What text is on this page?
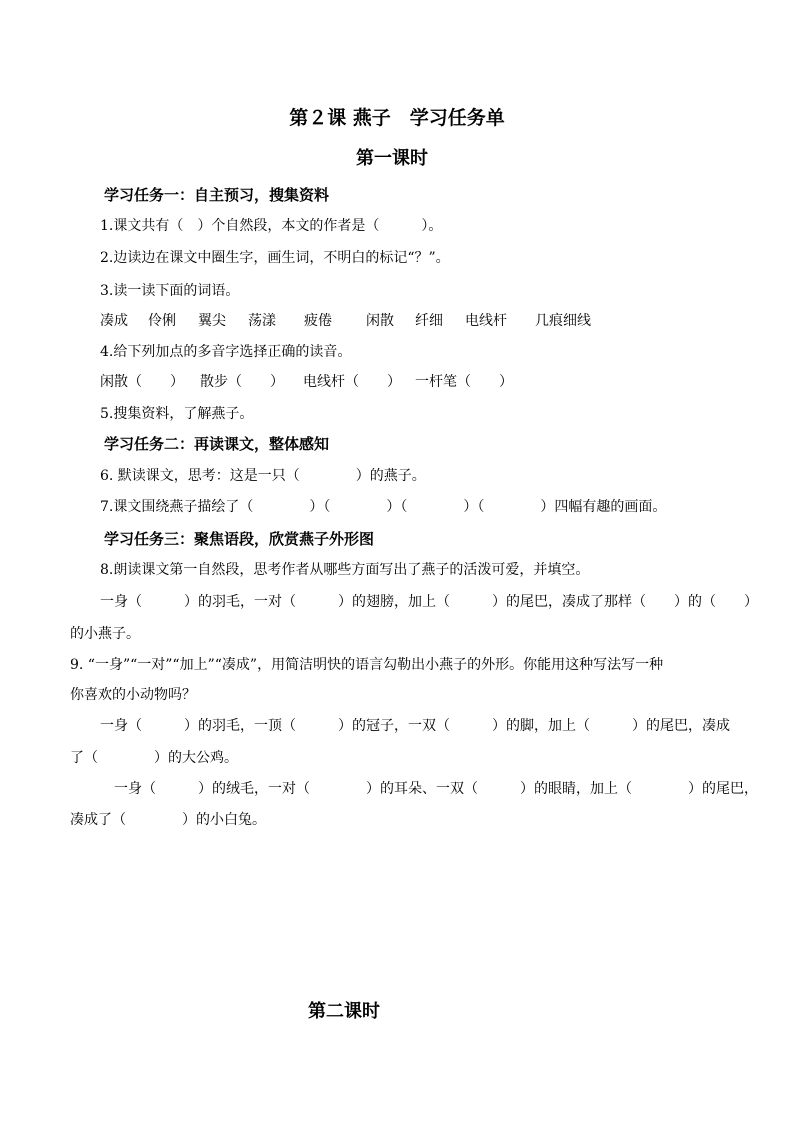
第２课 燕子　学习任务单
第一课时
学习任务一：自主预习，搜集资料
1.课文共有（　）个自然段，本文的作者是（　　　）。
2.边读边在课文中圈生字，画生词，不明白的标记“？”。
3.读一读下面的词语。
凑成 伶俐 翼尖 荡漾 疲倦 闲散 纤细 电线杆 几痕细线
4.给下列加点的多音字选择正确的读音。
闲散（　　） 散步（　　） 电线杆（　　） 一杆笔（　　）
5.搜集资料，了解燕子。
学习任务二：再读课文，整体感知
6. 默读课文，思考：这是一只（　　　　）的燕子。
7.课文围绕燕子描绘了（　　　　）（　　　　）（　　　　）（　　　　）四幅有趣的画面。
学习任务三：聚焦语段，欣赏燕子外形图
8.朗读课文第一自然段，思考作者从哪些方面写出了燕子的活泼可爱，并填空。
一身（　　　）的羽毛，一对（　　　）的翅膀，加上（　　　）的尾巴，凑成了那样（　　）的（　　）
的小燕子。
9. “一身”“一对”“加上”“凑成”，用简洁明快的语言勾勒出小燕子的外形。你能用这种写法写一种
你喜欢的小动物吗？
一身（　　　）的羽毛，一顶（　　　）的冠子，一双（　　　）的脚，加上（　　　）的尾巴，凑成
了（　　　　）的大公鸡。
一身（　　　）的绒毛，一对（　　　　）的耳朵、一双（　　　）的眼睛，加上（　　　　）的尾巴，
凑成了（　　　　）的小白兔。
第二课时
